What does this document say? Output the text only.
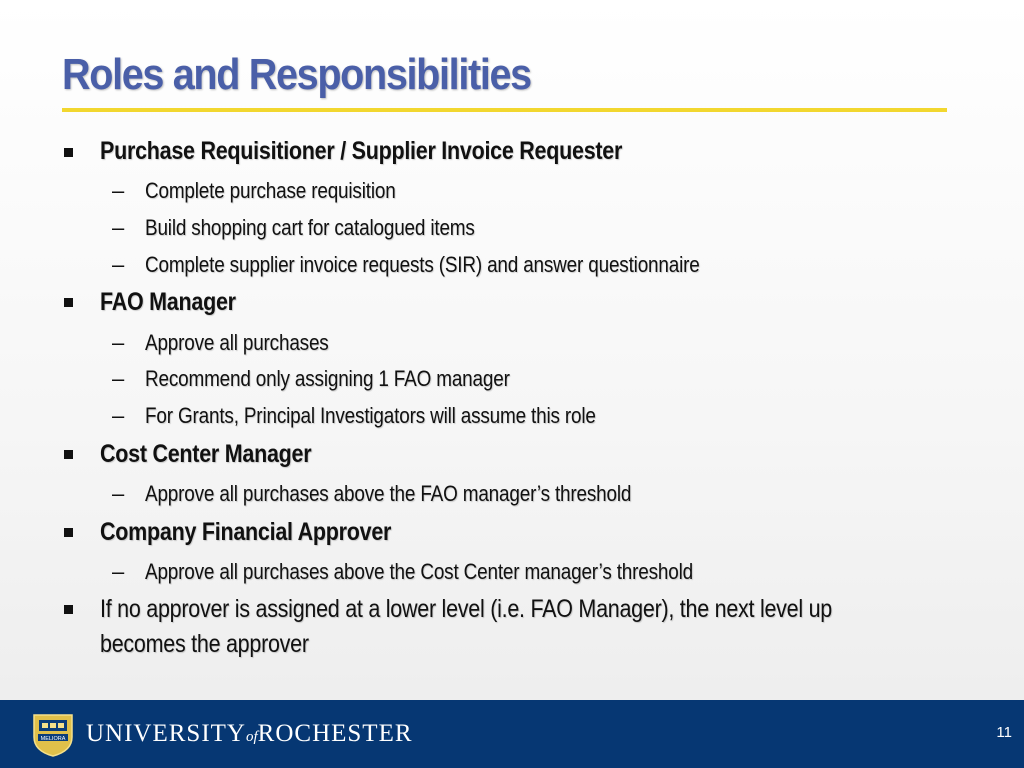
Roles and Responsibilities
Purchase Requisitioner / Supplier Invoice Requester
– Complete purchase requisition
– Build shopping cart for catalogued items
– Complete supplier invoice requests (SIR) and answer questionnaire
FAO Manager
– Approve all purchases
– Recommend only assigning 1 FAO manager
– For Grants, Principal Investigators will assume this role
Cost Center Manager
– Approve all purchases above the FAO manager’s threshold
Company Financial Approver
– Approve all purchases above the Cost Center manager’s threshold
If no approver is assigned at a lower level (i.e. FAO Manager), the next level up
becomes the approver
MELIORA UNIVERSITYofROCHESTER	11
